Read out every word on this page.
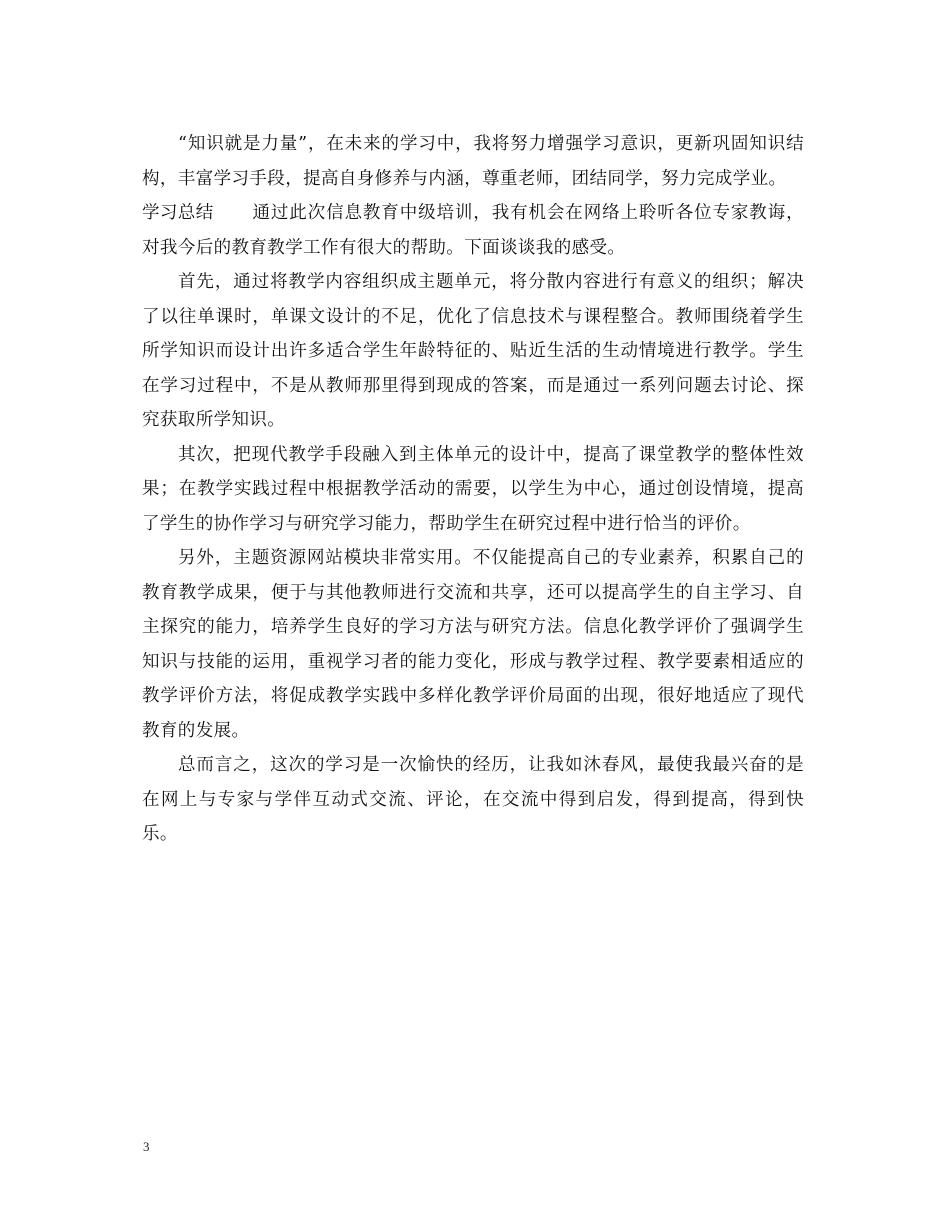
“知识就是力量”，在未来的学习中，我将努力增强学习意识，更新巩固知识结构，丰富学习手段，提高自身修养与内涵，尊重老师，团结同学，努力完成学业。

学习总结 通过此次信息教育中级培训，我有机会在网络上聆听各位专家教诲，对我今后的教育教学工作有很大的帮助。下面谈谈我的感受。

首先，通过将教学内容组织成主题单元，将分散内容进行有意义的组织；解决了以往单课时，单课文设计的不足，优化了信息技术与课程整合。教师围绕着学生所学知识而设计出许多适合学生年龄特征的、贴近生活的生动情境进行教学。学生在学习过程中，不是从教师那里得到现成的答案，而是通过一系列问题去讨论、探究获取所学知识。

其次，把现代教学手段融入到主体单元的设计中，提高了课堂教学的整体性效果；在教学实践过程中根据教学活动的需要，以学生为中心，通过创设情境，提高了学生的协作学习与研究学习能力，帮助学生在研究过程中进行恰当的评价。

另外，主题资源网站模块非常实用。不仅能提高自己的专业素养，积累自己的教育教学成果，便于与其他教师进行交流和共享，还可以提高学生的自主学习、自主探究的能力，培养学生良好的学习方法与研究方法。信息化教学评价了强调学生知识与技能的运用，重视学习者的能力变化，形成与教学过程、教学要素相适应的教学评价方法，将促成教学实践中多样化教学评价局面的出现，很好地适应了现代教育的发展。

总而言之，这次的学习是一次愉快的经历，让我如沐春风，最使我最兴奋的是在网上与专家与学伴互动式交流、评论，在交流中得到启发，得到提高，得到快乐。

3
